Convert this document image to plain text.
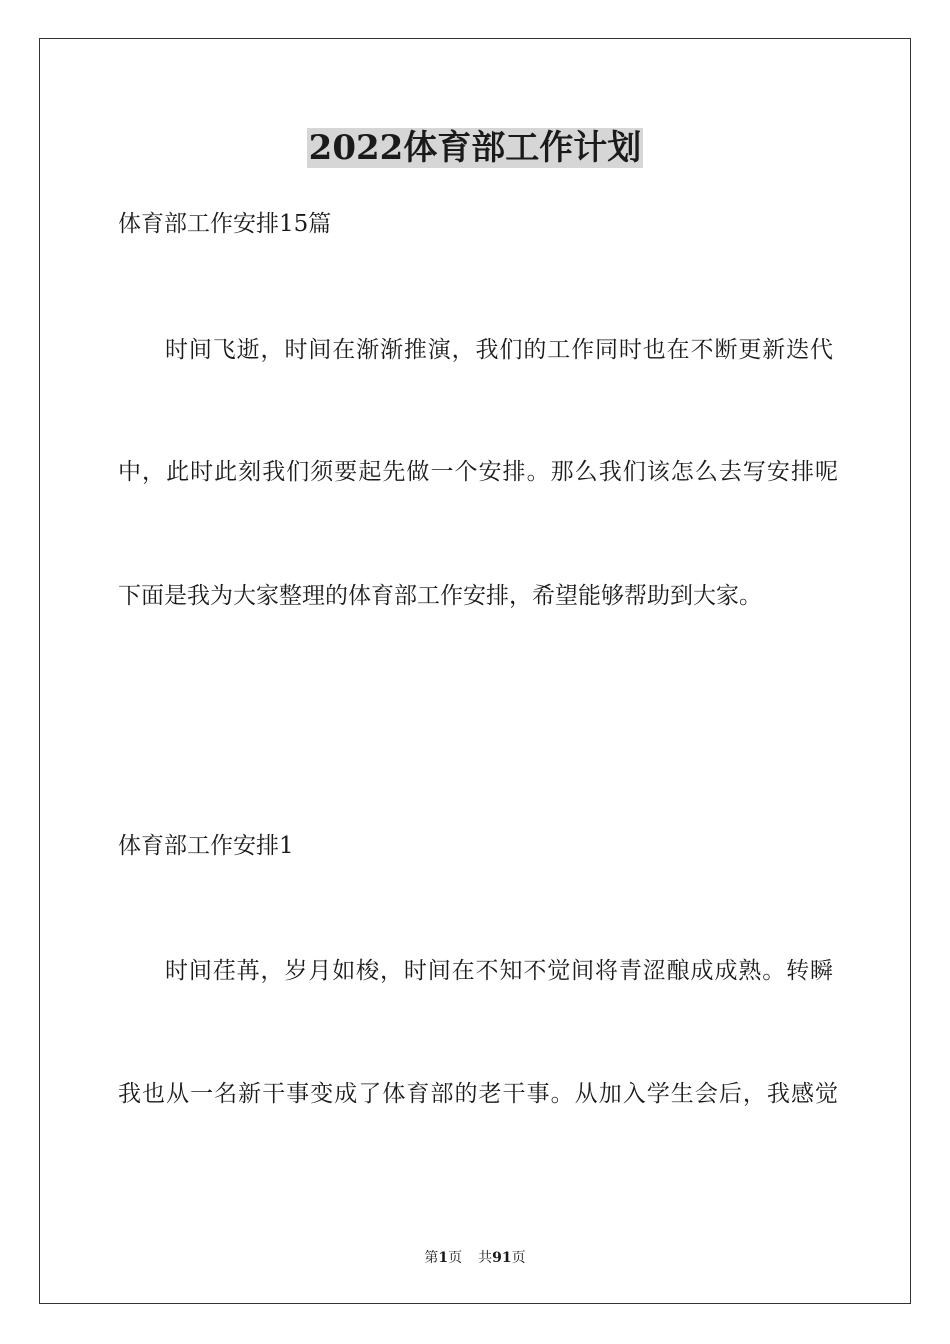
2022体育部工作计划
体育部工作安排15篇
时间飞逝，时间在渐渐推演，我们的工作同时也在不断更新迭代
中，此时此刻我们须要起先做一个安排。那么我们该怎么去写安排呢
下面是我为大家整理的体育部工作安排，希望能够帮助到大家。
体育部工作安排1
时间荏苒，岁月如梭，时间在不知不觉间将青涩酿成成熟。转瞬
我也从一名新干事变成了体育部的老干事。从加入学生会后，我感觉
第1页 共91页
